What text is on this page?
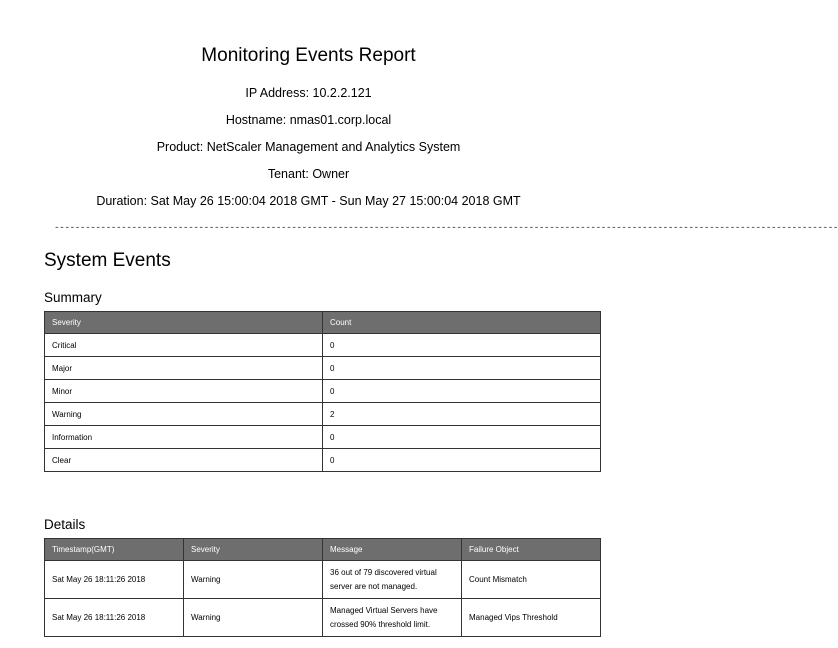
Monitoring Events Report
IP Address: 10.2.2.121
Hostname: nmas01.corp.local
Product: NetScaler Management and Analytics System
Tenant: Owner
Duration: Sat May 26 15:00:04 2018 GMT - Sun May 27 15:00:04 2018 GMT
--------------------------------------------------------------------------------------------------------------------------------------------------------
System Events
Summary
Severity	Count
Critical	0
Major	0
Minor	0
Warning	2
Information	0
Clear	0
Details
Timestamp(GMT)	Severity	Message	Failure Object
Sat May 26 18:11:26 2018	Warning	36 out of 79 discovered virtual server are not managed.	Count Mismatch
Sat May 26 18:11:26 2018	Warning	Managed Virtual Servers have crossed 90% threshold limit.	Managed Vips Threshold
